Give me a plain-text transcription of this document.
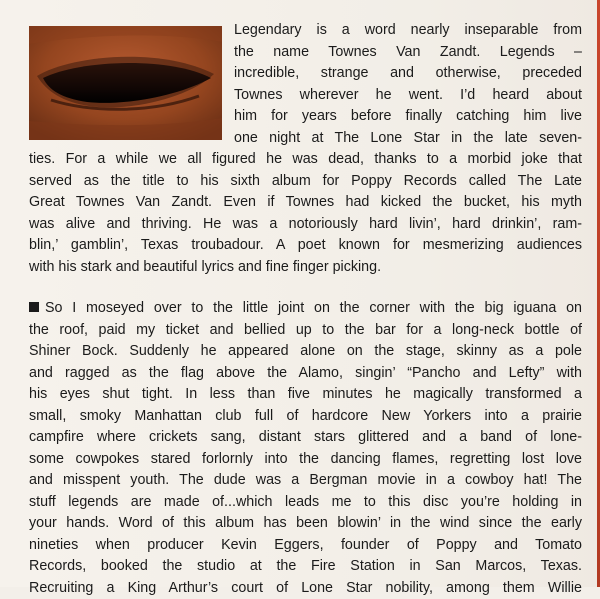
Legendary is a word nearly inseparable from
the name Townes Van Zandt. Legends –
incredible, strange and otherwise, preceded
Townes wherever he went. I’d heard about
him for years before finally catching him live
one night at The Lone Star in the late seven-
ties. For a while we all figured he was dead, thanks to a morbid joke that
served as the title to his sixth album for Poppy Records called The Late
Great Townes Van Zandt. Even if Townes had kicked the bucket, his myth
was alive and thriving. He was a notoriously hard livin’, hard drinkin’, ram-
blin,’ gamblin’, Texas troubadour. A poet known for mesmerizing audiences
with his stark and beautiful lyrics and fine finger picking.
So I moseyed over to the little joint on the corner with the big iguana on
the roof, paid my ticket and bellied up to the bar for a long-neck bottle of
Shiner Bock. Suddenly he appeared alone on the stage, skinny as a pole
and ragged as the flag above the Alamo, singin’ “Pancho and Lefty” with
his eyes shut tight. In less than five minutes he magically transformed a
small, smoky Manhattan club full of hardcore New Yorkers into a prairie
campfire where crickets sang, distant stars glittered and a band of lone-
some cowpokes stared forlornly into the dancing flames, regretting lost love
and misspent youth. The dude was a Bergman movie in a cowboy hat! The
stuff legends are made of...which leads me to this disc you’re holding in
your hands. Word of this album has been blowin’ in the wind since the early
nineties when producer Kevin Eggers, founder of Poppy and Tomato
Records, booked the studio at the Fire Station in San Marcos, Texas.
Recruiting a King Arthur’s court of Lone Star nobility, among them Willie
